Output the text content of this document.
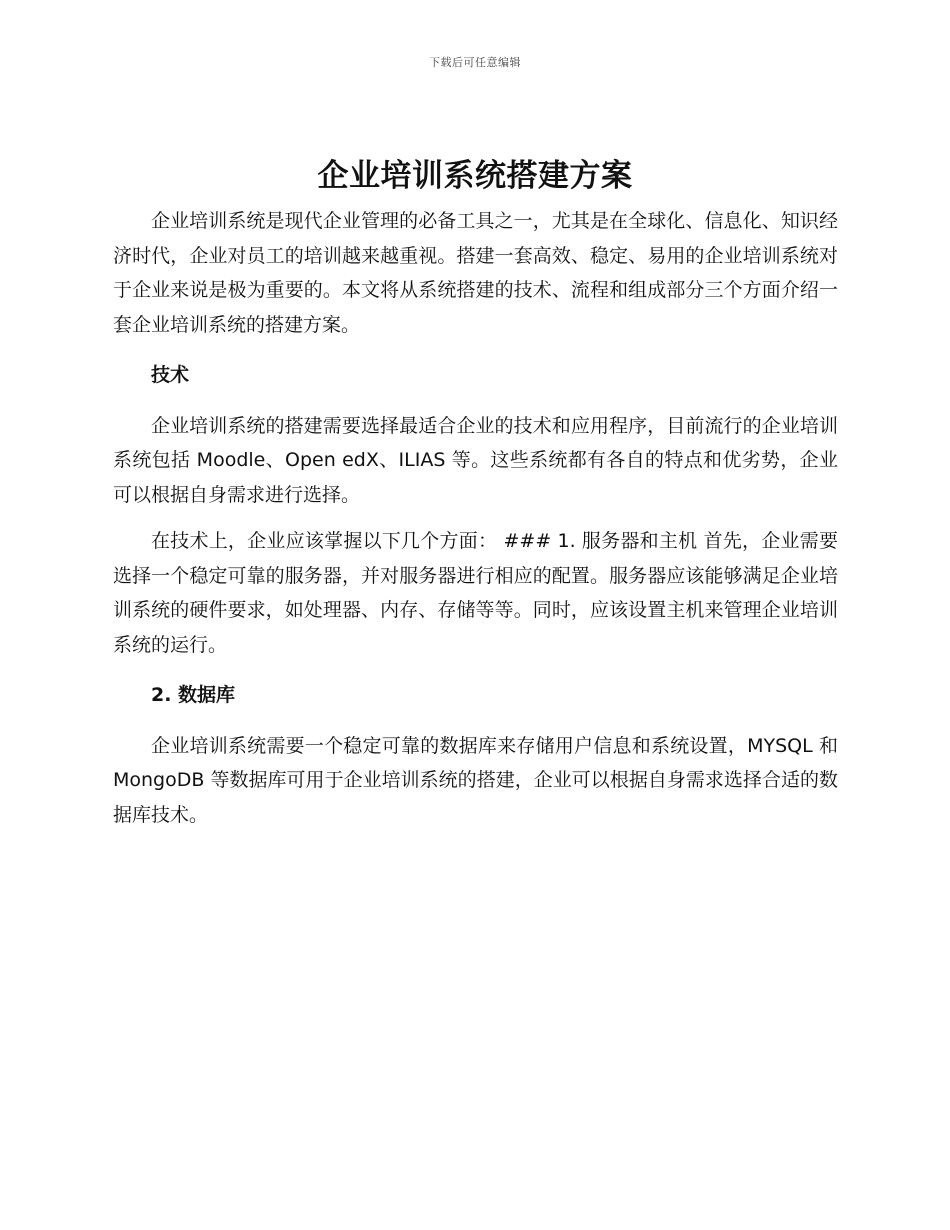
下载后可任意编辑
企业培训系统搭建方案

企业培训系统是现代企业管理的必备工具之一，尤其是在全球化、信息化、知识经济时代，企业对员工的培训越来越重视。搭建一套高效、稳定、易用的企业培训系统对于企业来说是极为重要的。本文将从系统搭建的技术、流程和组成部分三个方面介绍一套企业培训系统的搭建方案。

技术

企业培训系统的搭建需要选择最适合企业的技术和应用程序，目前流行的企业培训系统包括 Moodle、Open edX、ILIAS 等。这些系统都有各自的特点和优劣势，企业可以根据自身需求进行选择。

在技术上，企业应该掌握以下几个方面： ### 1. 服务器和主机 首先，企业需要选择一个稳定可靠的服务器，并对服务器进行相应的配置。服务器应该能够满足企业培训系统的硬件要求，如处理器、内存、存储等等。同时，应该设置主机来管理企业培训系统的运行。

2. 数据库

企业培训系统需要一个稳定可靠的数据库来存储用户信息和系统设置，MYSQL 和 MongoDB 等数据库可用于企业培训系统的搭建，企业可以根据自身需求选择合适的数据库技术。
